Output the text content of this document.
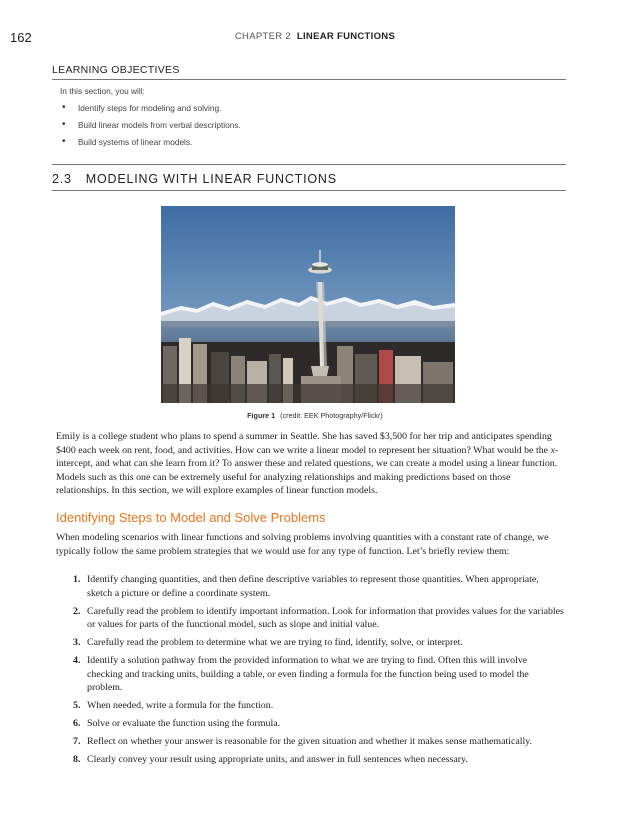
162	CHAPTER 2 LINEAR FUNCTIONS
LEARNING OBJECTIVES
In this section, you will:
• Identify steps for modeling and solving.
• Build linear models from verbal descriptions.
• Build systems of linear models.
2.3 MODELING WITH LINEAR FUNCTIONS
Figure 1 (credit: EEK Photography/Flickr)

Emily is a college student who plans to spend a summer in Seattle. She has saved $3,500 for her trip and anticipates spending $400 each week on rent, food, and activities. How can we write a linear model to represent her situation? What would be the x-intercept, and what can she learn from it? To answer these and related questions, we can create a model using a linear function. Models such as this one can be extremely useful for analyzing relationships and making predictions based on those relationships. In this section, we will explore examples of linear function models.

Identifying Steps to Model and Solve Problems

When modeling scenarios with linear functions and solving problems involving quantities with a constant rate of change, we typically follow the same problem strategies that we would use for any type of function. Let’s briefly review them:

1. Identify changing quantities, and then define descriptive variables to represent those quantities. When appropriate, sketch a picture or define a coordinate system.
2. Carefully read the problem to identify important information. Look for information that provides values for the variables or values for parts of the functional model, such as slope and initial value.
3. Carefully read the problem to determine what we are trying to find, identify, solve, or interpret.
4. Identify a solution pathway from the provided information to what we are trying to find. Often this will involve checking and tracking units, building a table, or even finding a formula for the function being used to model the problem.
5. When needed, write a formula for the function.
6. Solve or evaluate the function using the formula.
7. Reflect on whether your answer is reasonable for the given situation and whether it makes sense mathematically.
8. Clearly convey your result using appropriate units, and answer in full sentences when necessary.
